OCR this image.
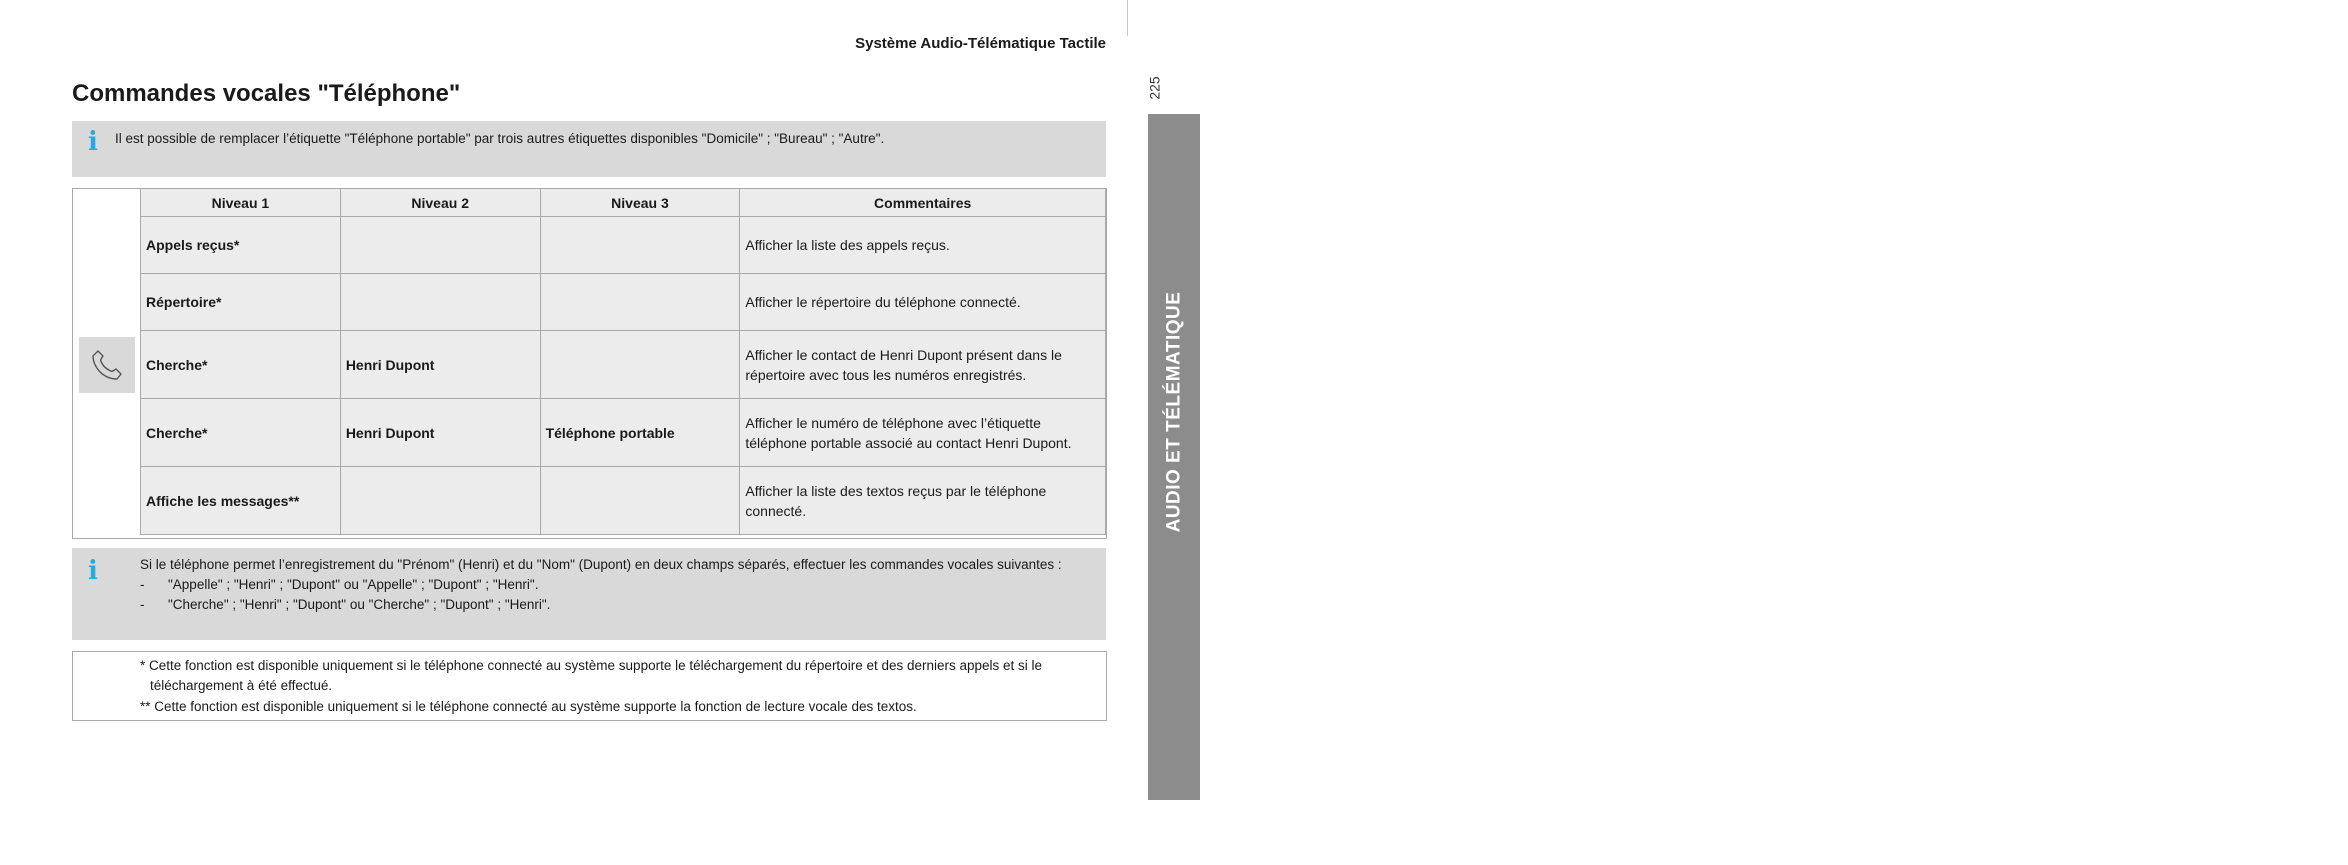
Système Audio-Télématique Tactile
225
AUDIO ET TÉLÉMATIQUE
10
Commandes vocales "Téléphone"
i Il est possible de remplacer l’étiquette "Téléphone portable" par trois autres étiquettes disponibles "Domicile" ; "Bureau" ; "Autre".
Niveau 1	Niveau 2	Niveau 3	Commentaires
Appels reçus*			Afficher la liste des appels reçus.
Répertoire*			Afficher le répertoire du téléphone connecté.
Cherche*	Henri Dupont		Afficher le contact de Henri Dupont présent dans le répertoire avec tous les numéros enregistrés.
Cherche*	Henri Dupont	Téléphone portable	Afficher le numéro de téléphone avec l’étiquette téléphone portable associé au contact Henri Dupont.
Affiche les messages**			Afficher la liste des textos reçus par le téléphone connecté.
i	Si le téléphone permet l’enregistrement du "Prénom" (Henri) et du "Nom" (Dupont) en deux champs séparés, effectuer les commandes vocales suivantes :
-	"Appelle" ; "Henri" ; "Dupont" ou "Appelle" ; "Dupont" ; "Henri".
-	"Cherche" ; "Henri" ; "Dupont" ou "Cherche" ; "Dupont" ; "Henri".
* Cette fonction est disponible uniquement si le téléphone connecté au système supporte le téléchargement du répertoire et des derniers appels et si le téléchargement à été effectué.
** Cette fonction est disponible uniquement si le téléphone connecté au système supporte la fonction de lecture vocale des textos.
